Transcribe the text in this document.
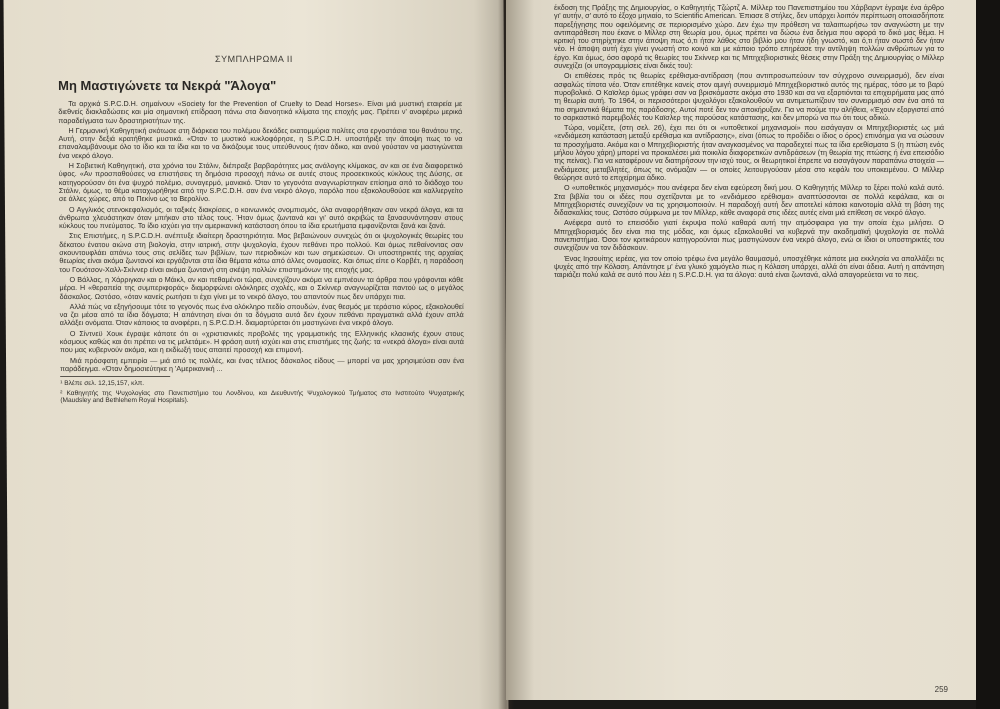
ΣΥΜΠΛΗΡΩΜΑ II
Μη Μαστιγώνετε τα Νεκρά "Άλογα"

Τα αρχικά S.P.C.D.H. σημαίνουν «Society for the Prevention of Cruelty to Dead Horses». Είναι μιά μυστική εταιρεία με διεθνείς διακλαδώσεις και μία σημαντική επίδραση πάνω στα διανοητικά κλίματα της εποχής μας. Πρέπει ν' αναφέρω μερικά παραδείγματα των δραστηριοτήτων της.

Η Γερμανική Καθηγητική σκότωσε στη διάρκεια του πολέμου δεκάδες εκατομμύρια πολίτες στα εργοστάσια του θανάτου της. Αυτή, στην δεξιά κρατήθηκε μυστικά. «Όταν το μυστικό κυκλοφόρησε, η S.P.C.D.H. υποστήριξε την άποψη πως το να επαναλαμβάνουμε όλο το ίδιο και τα ίδια και το να δικάζουμε τους υπεύθυνους ήταν άδικο, και ανού γούσταν να μαστιγώνεται ένα νεκρό άλογο.

Η Σοβιετική Καθηγητική, στα χρόνια του Στάλιν, διέπραξε βαρβαρότητες μας ανάλογης κλίμακας, αν και σε ένα διαφορετικό ύφος. «Αν προσπαθούσες να επιστήσεις τη δημόσια προσοχή πάνω σε αυτές στους προσεκτικούς κύκλους της Δύσης, σε κατηγορούσαν ότι ένα ψυχρό πολέμιο, συναγερμό, μανιακό. Όταν το γεγονότα αναγνωρίστηκαν επίσημα από το διάδοχο του Στάλιν, όμως, το θέμα καταχωρήθηκε από την S.P.C.D.H. σαν ένα νεκρό άλογο, παρόλο που εξακολουθούσε και καλλιεργείτο σε άλλες χώρες, από το Πεκίνο ως το Βερολίνο.

Ο Αγγλικός στενοκεφαλισμός, οι ταξικές διακρίσεις, ο κοινωνικός σνομπισμός, όλα αναφορήθηκαν σαν νεκρά άλογα, και τα άνθρωπα χλευάστηκαν όταν μπήκαν στο τέλος τους. Ήταν όμως ζωντανά και γι' αυτό ακριβώς τα ξανασυνάντησαν στους κύκλους του πνεύματος. Το ίδιο ισχύει για την αμερικανική κατάσταση όπου τα ίδια ερωτήματα εμφανίζονται ξανά και ξανά.

Στις Επιστήμες, η S.P.C.D.H. ανέπτυξε ιδιαίτερη δραστηριότητα. Μας βεβαιώνουν συνεχώς ότι οι ψυχολογικές θεωρίες του δέκατου ένατου αιώνα στη βιολογία, στην ιατρική, στην ψυχολογία, έχουν πεθάνει προ πολλού. Και όμως πεθαίνοντας σαν σκουντουφλάει απάνω τους στις σελίδες των βιβλίων, των περιοδικών και των σημειώσεων. Οι υποστηρικτές της αρχαίας θεωρίας είναι ακόμα ζωντανοί και εργάζονται στα ίδια θέματα κάτω από άλλες ονομασίες. Και όπως είπε ο Κορβέτ, η παράδοση του Γουότσον-Χαλλ-Σκίννερ είναι ακόμα ζωντανή στη σκέψη πολλών επιστημόνων της εποχής μας.

Ο Βάλλας, η Χάρριγκαν και ο Μάικλ, αν και πεθαμένοι τώρα, συνεχίζουν ακόμα να εμπνέουν τα άρθρα που γράφονται κάθε μέρα. Η «θεραπεία της συμπεριφοράς» διαμορφώνει ολόκληρες σχολές, και ο Σκίννερ αναγνωρίζεται παντού ως ο μεγάλος δάσκαλος. Ωστόσο, «όταν κανείς ρωτήσει τι έχει γίνει με το νεκρό άλογο, του απαντούν πως δεν υπάρχει πια.

Αλλά πώς να εξηγήσουμε τότε το γεγονός πως ένα ολόκληρο πεδίο σπουδών, ένας θεσμός με τεράστιο κύρος, εξακολουθεί να ζει μέσα από τα ίδια δόγματα; Η απάντηση είναι ότι τα δόγματα αυτά δεν έχουν πεθάνει πραγματικά αλλά έχουν απλά αλλάξει ονόματα. Όταν κάποιος τα αναφέρει, η S.P.C.D.H. διαμαρτύρεται ότι μαστιγώνει ένα νεκρό άλογο.

Ο Σίντνεϋ Χουκ έγραψε κάποτε ότι οι «χριστιανικές προβολές της γραμματικής της Ελληνικής κλασικής έχουν στους κόσμους καθώς και ότι πρέπει να τις μελετάμε». Η φράση αυτή ισχύει και στις επιστήμες της ζωής: τα «νεκρά άλογα» είναι αυτά που μας κυβερνούν ακόμα, και η εκδίωξή τους απαιτεί προσοχή και επιμονή.

Μιά πρόσφατη εμπειρία — μιά από τις πολλές, και ένας τέλειος δάσκαλος είδους — μπορεί να μας χρησιμεύσει σαν ένα παράδειγμα. «Όταν δημοσιεύτηκε η 'Αμερικανική ...

¹ Βλέπε σελ. 12,15,157, κλπ.

² Καθηγητής της Ψυχολογίας στο Πανεπιστήμιο του Λονδίνου, και Διευθυντής Ψυχολογικού Τμήματος στο Ινστιτούτο Ψυχιατρικής (Maudsley and Bethlehem Royal Hospitals).

έκδοση της Πράξης της Δημιουργίας, ο Καθηγητής Τζώρτζ Α. Μίλλερ του Πανεπιστημίου του Χάρβαρντ έγραψε ένα άρθρο γι' αυτήν, σ' αυτό το έξοχο μηνιαίο, το Scientific American. Έπιασε 8 στήλες, δεν υπάρχει λοιπόν περίπτωση οποιασδήποτε παρεξήγησης που οφειλόμενης σε περιορισμένο χώρο. Δεν έχω την πρόθεση να ταλαιπωρήσω τον αναγνώστη με την αντιπαράθεση που έκανε ο Μίλλερ στη θεωρία μου, όμως πρέπει να δώσω ένα δείγμα που αφορά το δικό μας θέμα. Η κριτική του στηρίχτηκε στην άποψη πως ό,τι ήταν λάθος στο βιβλίο μου ήταν ήδη γνωστό, και ό,τι ήταν σωστό δεν ήταν νέο. Η άποψη αυτή έχει γίνει γνωστή στο κοινό και με κάποιο τρόπο επηρέασε την αντίληψη πολλών ανθρώπων για το έργο. Και όμως, όσο αφορά τις θεωρίες του Σκίννερ και τις Μπηχεβιοριστικές θέσεις στην Πράξη της Δημιουργίας ο Μίλλερ συνεχίζει (οι υπογραμμίσεις είναι δικές του):

Οι επιθέσεις πρός τις θεωρίες ερέθισμα-αντίδραση (που αντιπροσωπεύουν τον σύγχρονο συνειρμισμό), δεν είναι ασφαλώς τίποτα νέο. Όταν επιτέθηκε κανείς στον αμιγή συνειρμισμό Μπηχεβιοριστικό αυτός της ημέρας, τόσο με το βαρύ πυροβολικό. Ο Καϊσλερ όμως γράφει σαν να βρισκόμαστε ακόμα στο 1930 και σα να εξαρτιόνται τα επιχειρήματα μας από τη θεωρία αυτή. Το 1964, οι περισσότεροι ψυχολόγοι εξακολουθούν να αντιμετωπίζουν τον συνειρμισμό σαν ένα από τα πιο σημαντικά θέματα της παράδοσης. Αυτοί ποτέ δεν τον αποκήρυξαν. Για να πούμε την αλήθεια, «Έχουν εξοργιστεί από το σαρκαστικό παρεμβολές του Καϊσλερ της παρούσας κατάστασης, και δεν μπορώ να πω ότι τους αδικώ.

Τώρα, νομίζετε, (στη σελ. 26), έχει πει ότι οι «υποθετικοί μηχανισμοί» που εισάγαγαν οι Μπηχεβιοριστές ως μιά «ενδιάμεση κατάσταση μεταξύ ερέθισμα και αντίδρασης», είναι (όπως το προδίδει ο ίδιος ο όρος) επινόημα για να σώσουν τα προσχήματα. Ακόμα και ο Μπηχεβιοριστής ήταν αναγκασμένος να παραδεχτεί πως τα ίδια ερεθίσματα S (η πτώση ενός μήλου λόγου χάρη) μπορεί να προκαλέσει μιά ποικιλία διαφορετικών αντιδράσεων (τη θεωρία της πτώσης ή ένα επεισόδιο της πείνας). Για να καταφέρουν να διατηρήσουν την ισχύ τους, οι θεωρητικοί έπρεπε να εισαγάγουν παραπάνω στοιχεία — ενδιάμεσες μεταβλητές, όπως τις ονόμαζαν — οι οποίες λειτουργούσαν μέσα στο κεφάλι του υποκειμένου. Ο Μίλλερ θεώρησε αυτό το επιχείρημα άδικο.

Ο «υποθετικός μηχανισμός» που ανέφερα δεν είναι εφεύρεση δική μου. Ο Καθηγητής Μίλλερ το ξέρει πολύ καλά αυτό. Στα βιβλία του οι ιδέες που σχετίζονται με το «ενδιάμεσο ερέθισμα» αναπτύσσονται σε πολλά κεφάλαια, και οι Μπηχεβιοριστές συνεχίζουν να τις χρησιμοποιούν. Η παραδοχή αυτή δεν αποτελεί κάποια καινοτομία αλλά τη βάση της διδασκαλίας τους. Ωστόσο σύμφωνα με τον Μίλλερ, κάθε αναφορά στις ιδέες αυτές είναι μιά επίθεση σε νεκρό άλογο.

Ανέφερα αυτό το επεισόδιο γιατί έκρυψα πολύ καθαρά αυτή την ατμόσφαιρα για την οποία έχω μιλήσει. Ο Μπηχεβιορισμός δεν είναι πια της μόδας, και όμως εξακολουθεί να κυβερνά την ακαδημαϊκή ψυχολογία σε πολλά πανεπιστήμια. Όσοι τον κριτικάρουν κατηγορούνται πως μαστιγώνουν ένα νεκρό άλογο, ενώ οι ίδιοι οι υποστηρικτές του συνεχίζουν να τον διδάσκουν.

Ένας Ιησουίτης ιερέας, για τον οποίο τρέφω ένα μεγάλο θαυμασμό, υποσχέθηκε κάποτε μια εκκλησία να απαλλάξει τις ψυχές από την Κόλαση. Απάντησε μ' ένα γλυκό χαμόγελο πως η Κόλαση υπάρχει, αλλά ότι είναι άδεια. Αυτή η απάντηση ταιριάζει πολύ καλά σε αυτό που λέει η S.P.C.D.H. για τα άλογα: αυτά είναι ζωντανά, αλλά απαγορεύεται να το πεις.

259
